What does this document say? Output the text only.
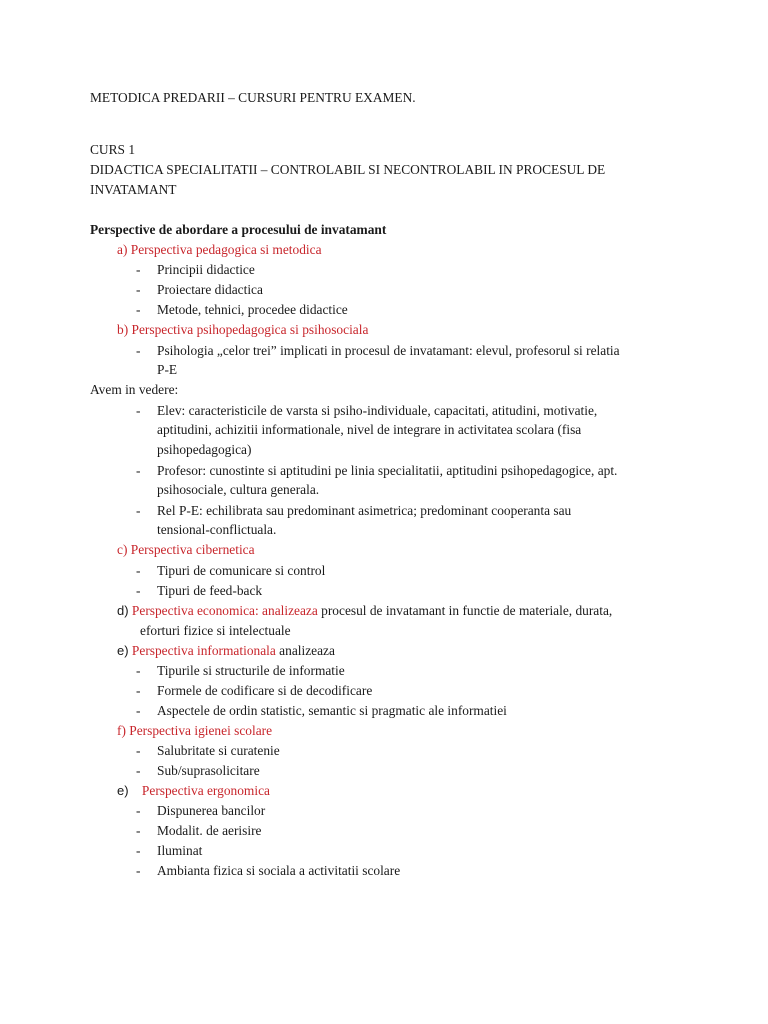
METODICA PREDARII – CURSURI PENTRU EXAMEN.
CURS 1
DIDACTICA SPECIALITATII – CONTROLABIL SI NECONTROLABIL IN PROCESUL DE
INVATAMANT
Perspective de abordare a procesului de invatamant
a) Perspectiva pedagogica si metodica
- Principii didactice
- Proiectare didactica
- Metode, tehnici, procedee didactice
b) Perspectiva psihopedagogica si psihosociala
- Psihologia „celor trei” implicati in procesul de invatamant: elevul, profesorul si relatia
P-E
Avem in vedere:
- Elev: caracteristicile de varsta si psiho-individuale, capacitati, atitudini, motivatie,
aptitudini, achizitii informationale, nivel de integrare in activitatea scolara (fisa
psihopedagogica)
- Profesor: cunostinte si aptitudini pe linia specialitatii, aptitudini psihopedagogice, apt.
psihosociale, cultura generala.
- Rel P-E: echilibrata sau predominant asimetrica; predominant cooperanta sau
tensional-conflictuala.
c) Perspectiva cibernetica
- Tipuri de comunicare si control
- Tipuri de feed-back
d) Perspectiva economica: analizeaza procesul de invatamant in functie de materiale, durata,
eforturi fizice si intelectuale
e) Perspectiva informationala analizeaza
- Tipurile si structurile de informatie
- Formele de codificare si de decodificare
- Aspectele de ordin statistic, semantic si pragmatic ale informatiei
f) Perspectiva igienei scolare
- Salubritate si curatenie
- Sub/suprasolicitare
e) Perspectiva ergonomica
- Dispunerea bancilor
- Modalit. de aerisire
- Iluminat
- Ambianta fizica si sociala a activitatii scolare
